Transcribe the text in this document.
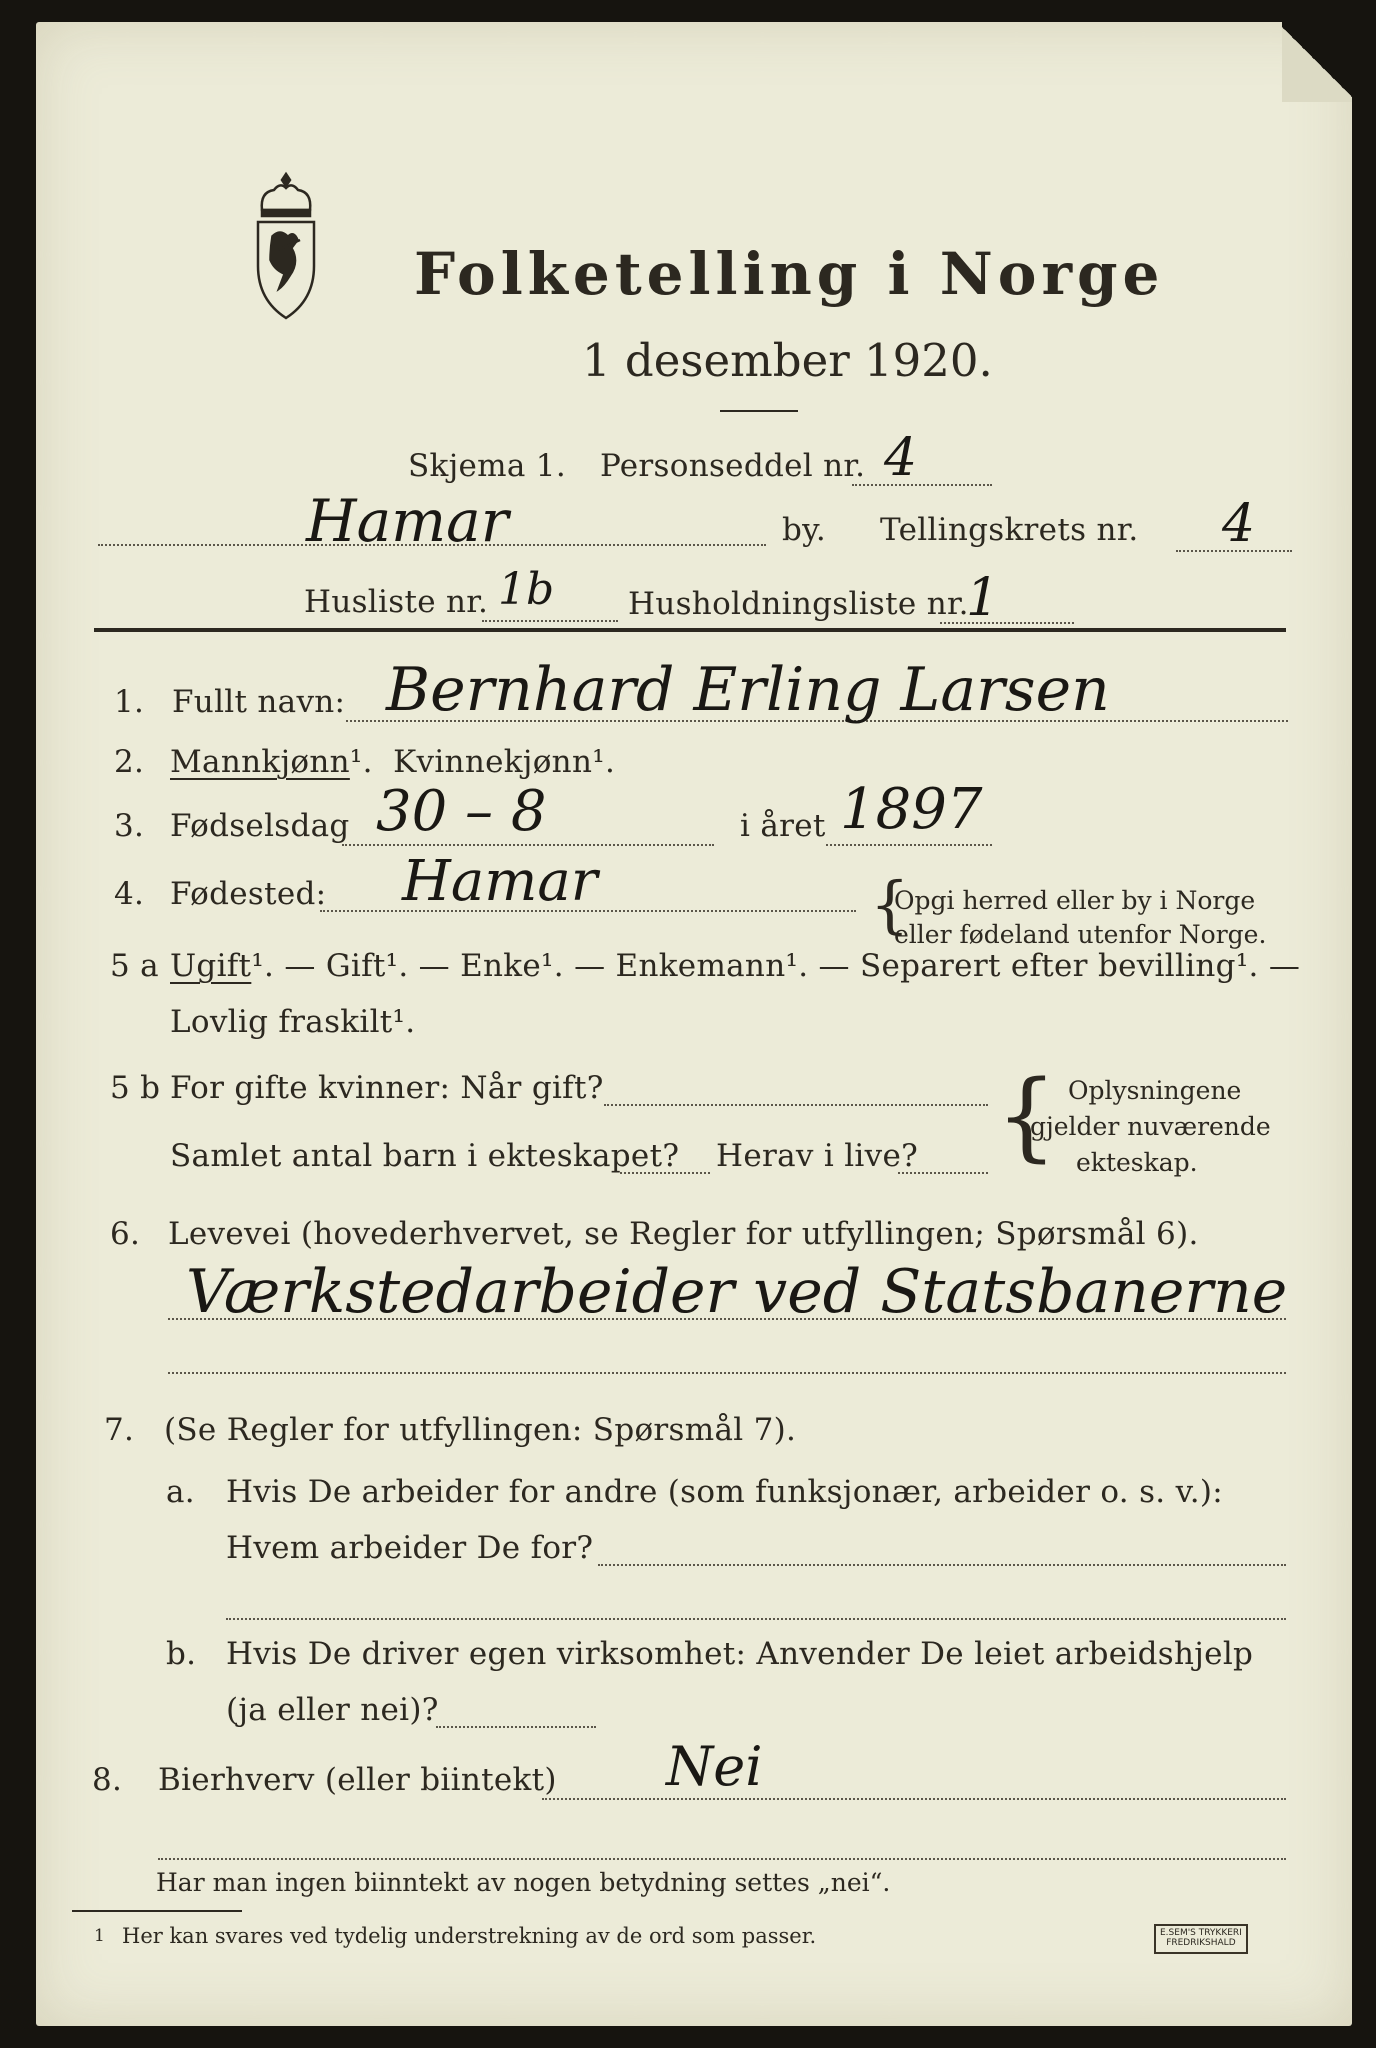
Folketelling i Norge
1 desember 1920.
Skjema 1. Personseddel nr. 4
Hamar	by. Tellingskrets nr. 4
Husliste nr. 1b Husholdningsliste nr.
1
1. Fullt navn: Bernhard Erling Larsen
2. Mannkjønn¹. Kvinnekjønn¹.
3. Fødselsdag 30 – 8	i året 1897
4. Fødested: Hamar	{
Opgi herred eller by i Norge
eller fødeland utenfor Norge.
5 a Ugift¹. — Gift¹. — Enke¹. — Enkemann¹. — Separert efter bevilling¹. —
Lovlig fraskilt¹.
5 b For gifte kvinner: Når gift?
Samlet antal barn i ekteskapet? Herav i live? { Oplysningene
gjelder nuværende
ekteskap.
6. Levevei (hovederhvervet, se Regler for utfyllingen; Spørsmål 6).
Værkstedarbeider ved Statsbanerne
7. (Se Regler for utfyllingen: Spørsmål 7).
a. Hvis De arbeider for andre (som funksjonær, arbeider o. s. v.):
Hvem arbeider De for?
b. Hvis De driver egen virksomhet: Anvender De leiet arbeidshjelp
(ja eller nei)?
8. Bierhverv (eller biintekt) Nei
Har man ingen biinntekt av nogen betydning settes „nei“.
1 Her kan svares ved tydelig understrekning av de ord som passer.	E.SEM'S TRYKKERI
FREDRIKSHALD
